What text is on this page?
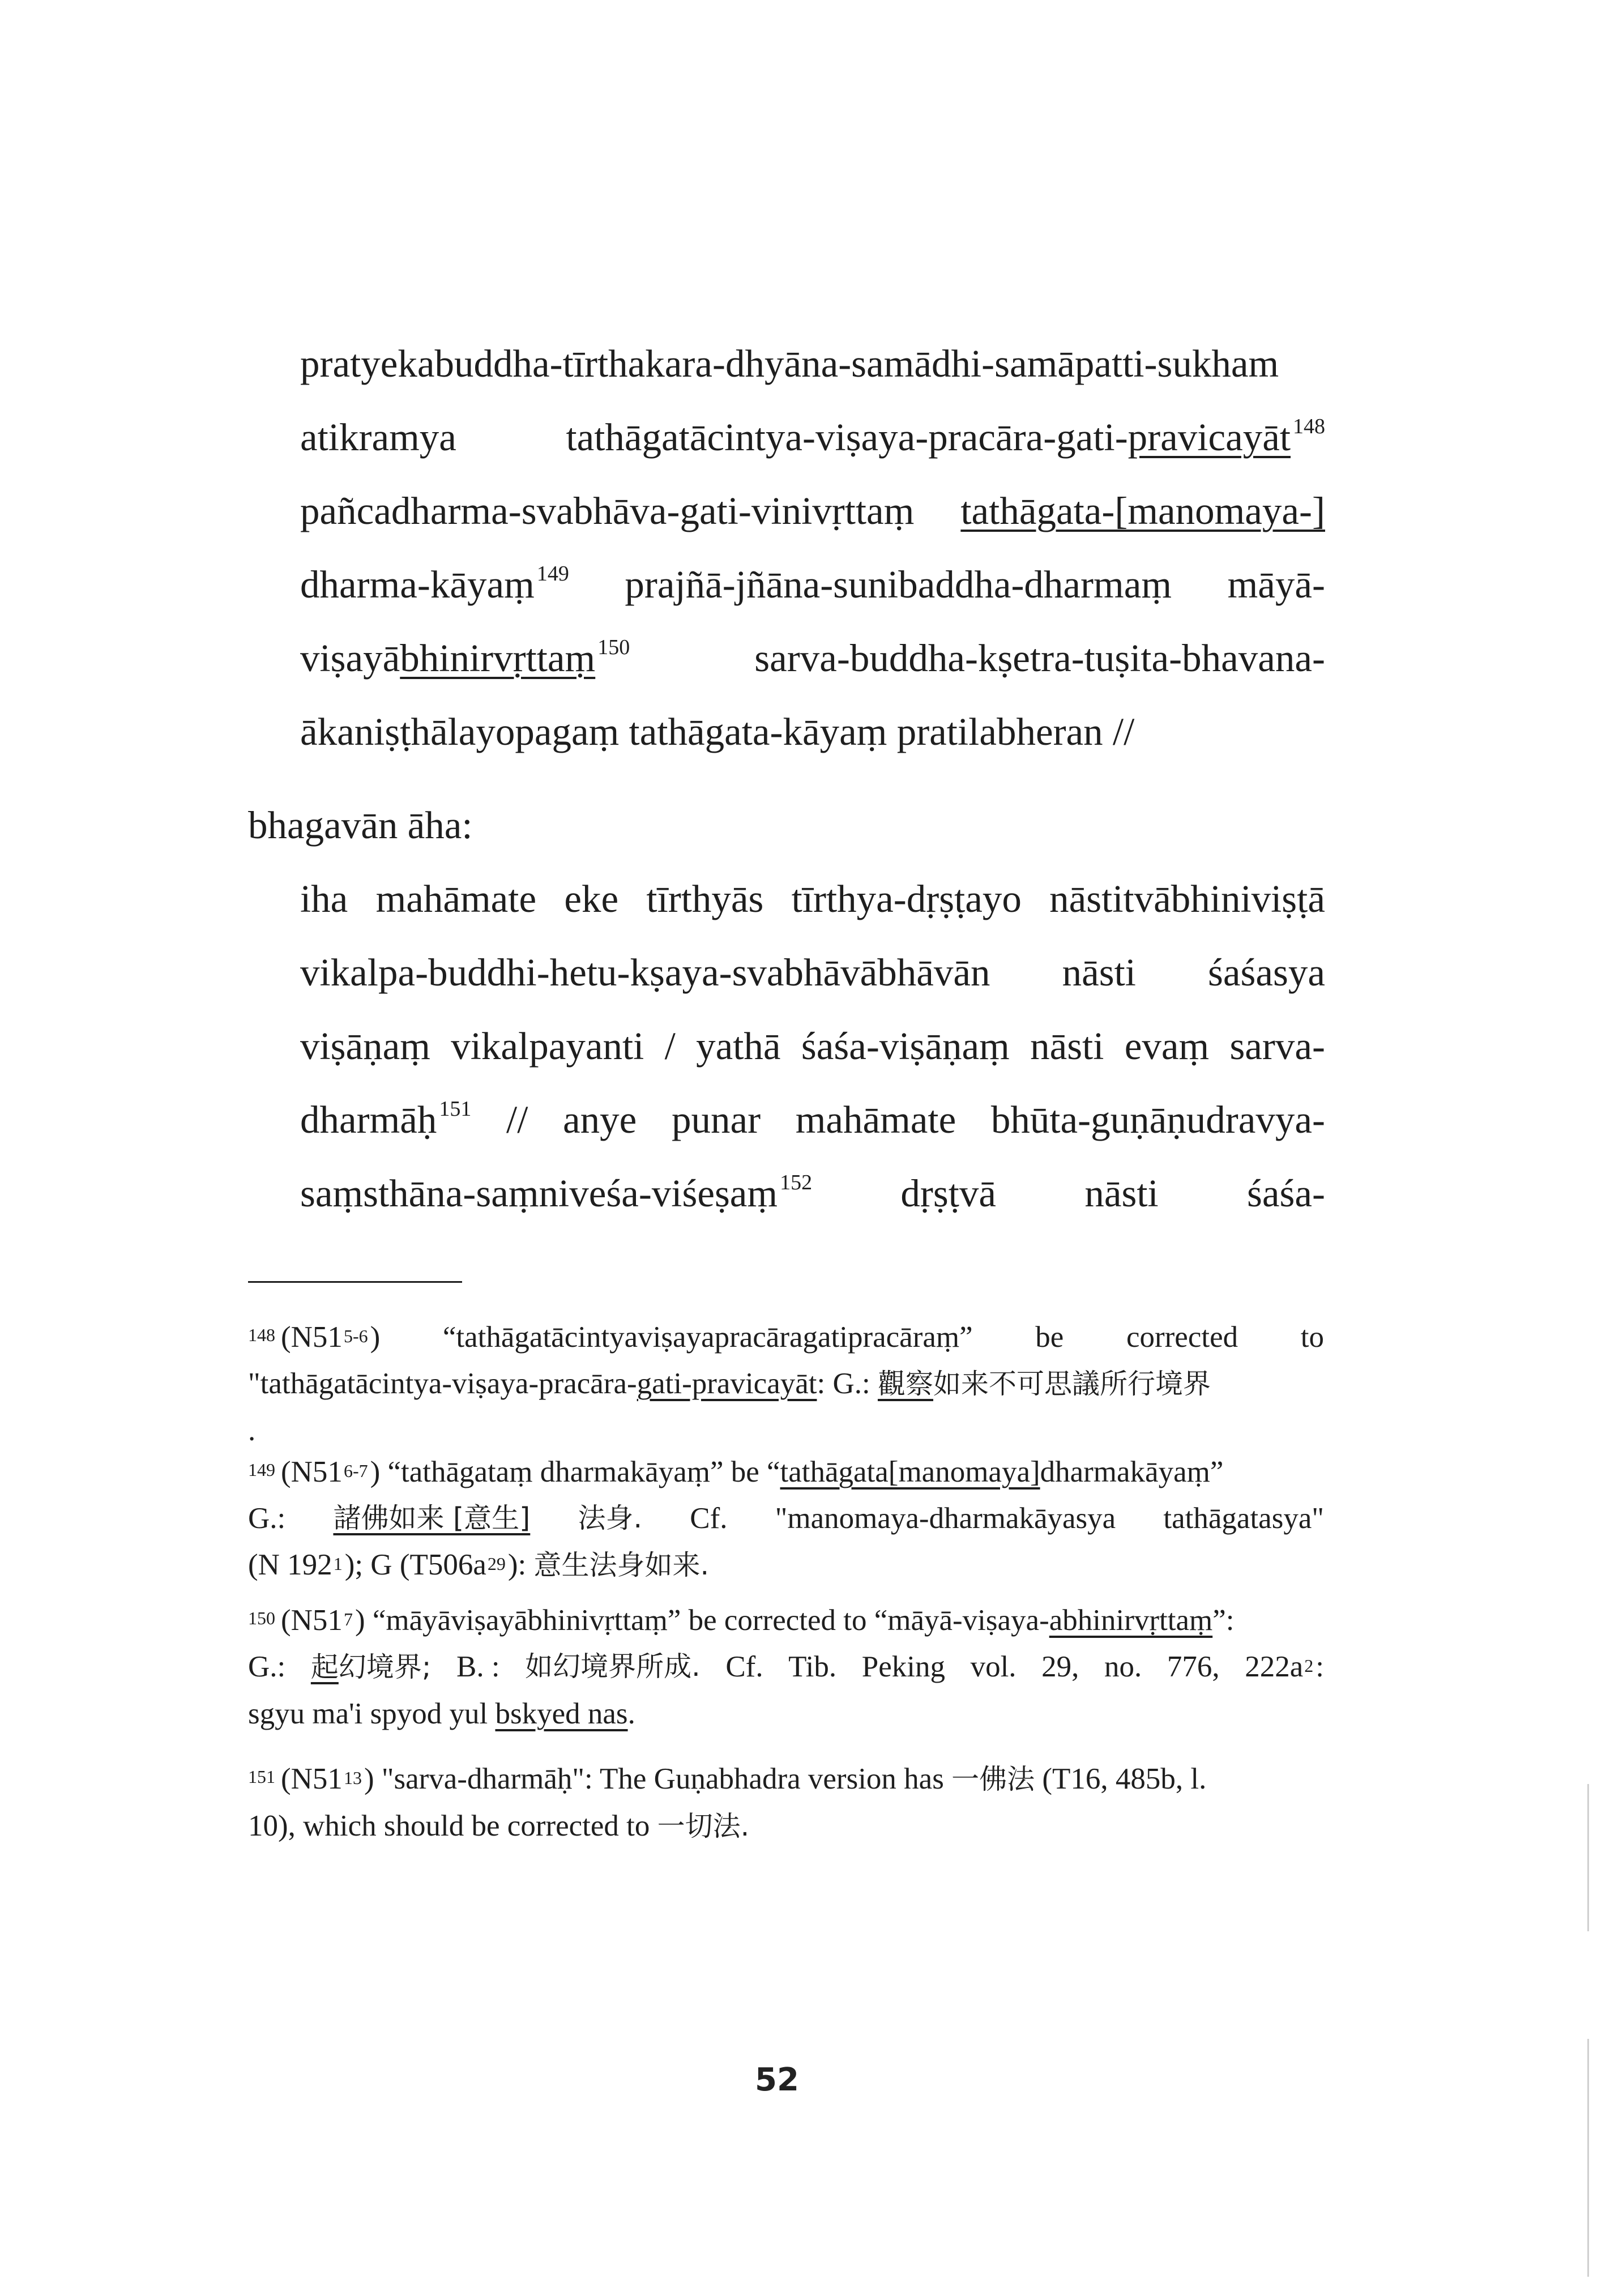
pratyekabuddha-tīrthakara-dhyāna-samādhi-samāpatti-sukham
atikramya	tathāgatācintya-viṣaya-pracāra-gati-pravicayāt $^{148}$
pañcadharma-svabhāva-gati-vinivṛttaṃ tathāgata-[manomaya-]
dharma-kāyaṃ $^{149}$ prajñā-jñāna-sunibaddha-dharmaṃ māyā-
viṣayābhinirvṛttaṃ $^{150}$	sarva-buddha-kṣetra-tuṣita-bhavana-
ākaniṣṭhālayopagaṃ tathāgata-kāyaṃ pratilabheran //
bhagavān āha:
iha mahāmate eke tīrthyās tīrthya-dṛṣṭayo nāstitvābhiniviṣṭā
vikalpa-buddhi-hetu-kṣaya-svabhāvābhāvān nāsti śaśasya
viṣāṇaṃ vikalpayanti / yathā śaśa-viṣāṇaṃ nāsti evaṃ sarva-
dharmāḥ $^{151}$ // anye punar mahāmate bhūta-guṇāṇudravya-
saṃsthāna-saṃniveśa-viśeṣaṃ $^{152}$ dṛṣṭvā nāsti śaśa-
$^{148}$ (N51$^{5-6}$) “tathāgatācintyaviṣayapracāragatipracāraṃ” be corrected to
"tathāgatācintya-viṣaya-pracāra-gati-pravicayāt: G.: 觀察如来不可思議所行境界
.
$^{149}$ (N51$^{6-7}$) “tathāgataṃ dharmakāyaṃ” be “tathāgata[manomaya]dharmakāyaṃ”
G.: 諸佛如来 [意生] 法身. Cf. "manomaya-dharmakāyasya tathāgatasya"
(N $192^1$); G $(T506a^{29})$: 意生法身如来.
$^{150}$ $(N51^7)$ “māyāviṣayābhinivṛttaṃ” be corrected to “māyā-viṣaya-abhinirvṛttaṃ”:
G.: 起幻境界; B. : 如幻境界所成. Cf. Tib. Peking vol. 29, no. 776, $222a^2$:
sgyu ma'i spyod yul bskyed nas.
$^{151}$ $(N51^{13})$ "sarva-dharmāḥ": The Guṇabhadra version has 一佛法 (T16, 485b, l.
10), which should be corrected to 一切法.
52
